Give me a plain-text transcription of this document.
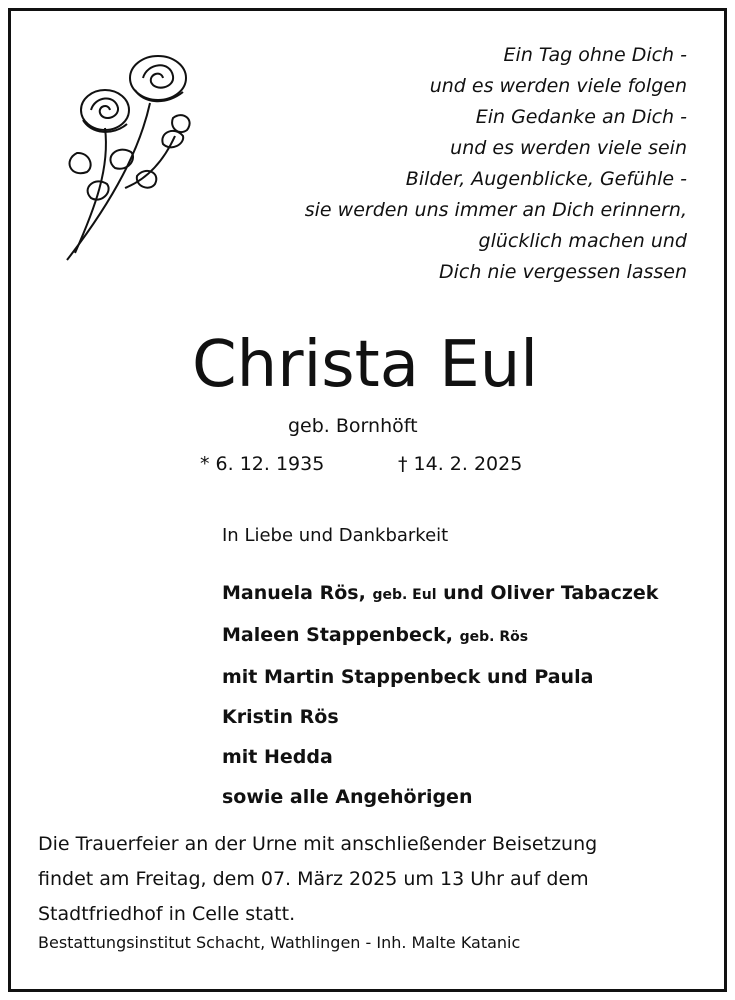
Ein Tag ohne Dich -
und es werden viele folgen
Ein Gedanke an Dich -
und es werden viele sein
Bilder, Augenblicke, Gefühle -
sie werden uns immer an Dich erinnern,
glücklich machen und
Dich nie vergessen lassen
Christa Eul
geb. Bornhöft
* 6. 12. 1935	† 14. 2. 2025
In Liebe und Dankbarkeit
Manuela Rös, geb. Eul und Oliver Tabaczek
Maleen Stappenbeck, geb. Rös
mit Martin Stappenbeck und Paula
Kristin Rös
mit Hedda
sowie alle Angehörigen
Die Trauerfeier an der Urne mit anschließender Beisetzung
findet am Freitag, dem 07. März 2025 um 13 Uhr auf dem
Stadtfriedhof in Celle statt.
Bestattungsinstitut Schacht, Wathlingen - Inh. Malte Katanic
